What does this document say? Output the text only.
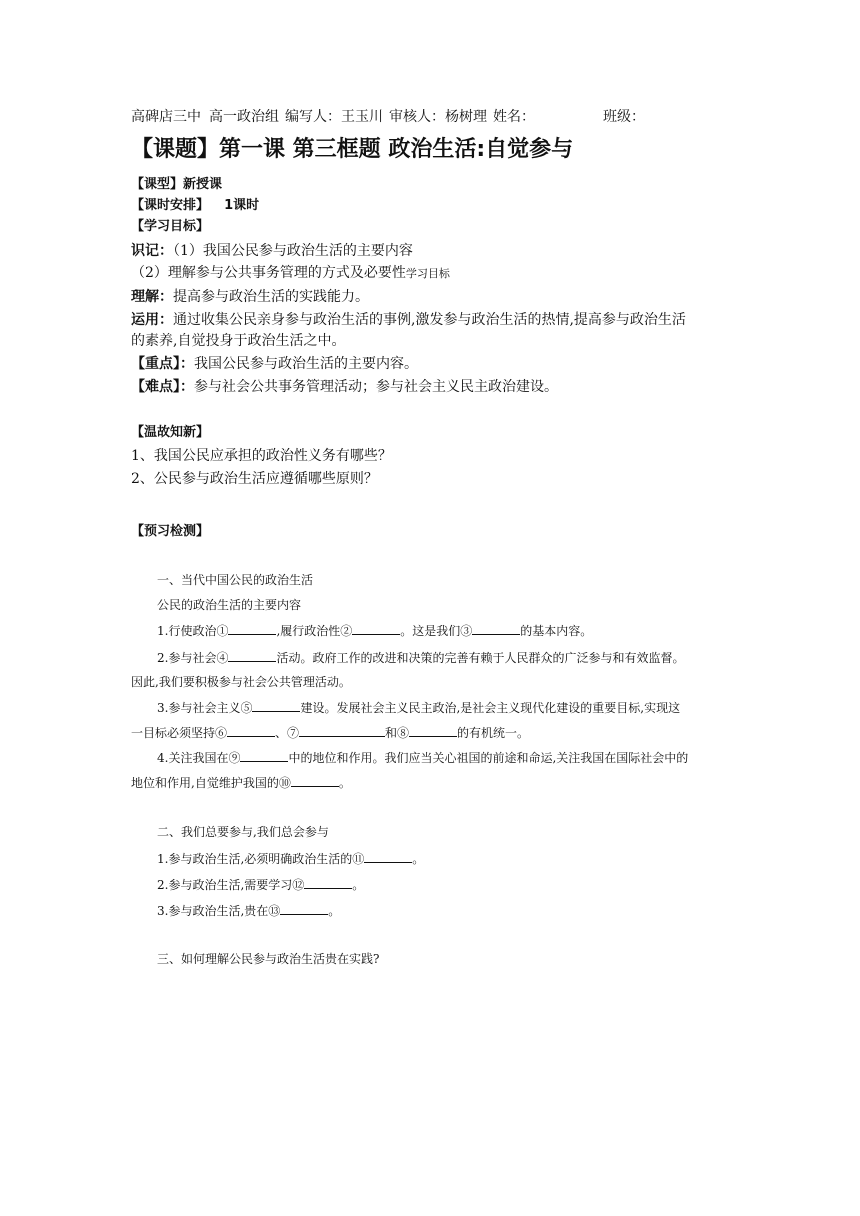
高碑店三中 高一政治组 编写人：王玉川 审核人：杨树理 姓名：	班级：
【课题】第一课 第三框题 政治生活:自觉参与
【课型】新授课
【课时安排】 1课时
【学习目标】
识记：（1）我国公民参与政治生活的主要内容
（2）理解参与公共事务管理的方式及必要性学习目标
理解：提高参与政治生活的实践能力。
运用：通过收集公民亲身参与政治生活的事例,激发参与政治生活的热情,提高参与政治生活
的素养,自觉投身于政治生活之中。
【重点】：我国公民参与政治生活的主要内容。
【难点】：参与社会公共事务管理活动；参与社会主义民主政治建设。
【温故知新】
1、我国公民应承担的政治性义务有哪些？
2、公民参与政治生活应遵循哪些原则？
【预习检测】
一、当代中国公民的政治生活
公民的政治生活的主要内容
1.行使政治①	,履行政治性②	。这是我们③	的基本内容。
2.参与社会④	活动。政府工作的改进和决策的完善有赖于人民群众的广泛参与和有效监督。
因此,我们要积极参与社会公共管理活动。
3.参与社会主义⑤	建设。发展社会主义民主政治,是社会主义现代化建设的重要目标,实现这
一目标必须坚持⑥	、⑦	和⑧	的有机统一。
4.关注我国在⑨	中的地位和作用。我们应当关心祖国的前途和命运,关注我国在国际社会中的
地位和作用,自觉维护我国的⑩	。
二、我们总要参与,我们总会参与
1.参与政治生活,必须明确政治生活的⑪	。
2.参与政治生活,需要学习⑫	。
3.参与政治生活,贵在⑬	。
三、如何理解公民参与政治生活贵在实践?
